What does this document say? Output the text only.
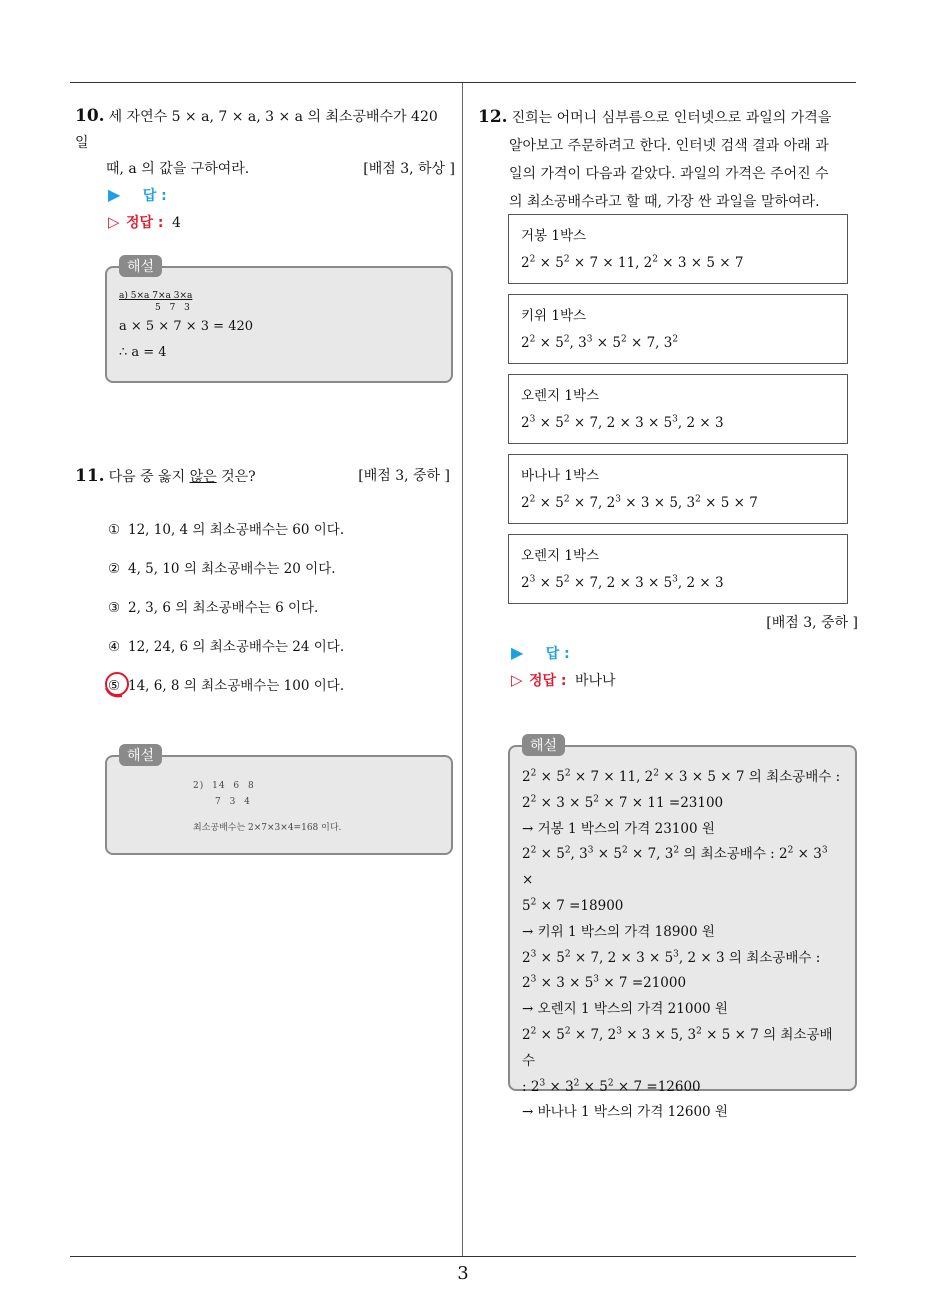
3
10. 세 자연수 5 × a, 7 × a, 3 × a 의 최소공배수가 420 일
때, a 의 값을 구하여라.	[배점 3, 하상 ]
▶ 답 :
▷ 정답 : 4
해설
a) 5×a 7×a 3×a
5 7 3
a × 5 × 7 × 3 = 420
∴ a = 4
11. 다음 중 옳지 않은 것은?	[배점 3, 중하 ]
① 12, 10, 4 의 최소공배수는 60 이다.
② 4, 5, 10 의 최소공배수는 20 이다.
③ 2, 3, 6 의 최소공배수는 6 이다.
④ 12, 24, 6 의 최소공배수는 24 이다.
⑤ 14, 6, 8 의 최소공배수는 100 이다.
해설
2) 14 6 8
7 3 4
최소공배수는 2×7×3×4=168 이다.
12. 진희는 어머니 심부름으로 인터넷으로 과일의 가격을
알아보고 주문하려고 한다. 인터넷 검색 결과 아래 과
일의 가격이 다음과 같았다. 과일의 가격은 주어진 수
의 최소공배수라고 할 때, 가장 싼 과일을 말하여라.
거봉 1박스
$2^2 \times 5^2 \times 7 \times 11$, $2^2 \times 3 \times 5 \times 7$
키위 1박스
$2^2 \times 5^2$, $3^3 \times 5^2 \times 7$, $3^2$
오렌지 1박스
$2^3 \times 5^2 \times 7$, $2 \times 3 \times 5^3$, 2 × 3
바나나 1박스
$2^2 \times 5^2 \times 7$, $2^3 \times 3 \times 5$, $3^2 \times 5 \times 7$
오렌지 1박스
$2^3 \times 5^2 \times 7$, $2 \times 3 \times 5^3$, 2 × 3
[배점 3, 중하 ]
▶ 답 :
▷ 정답 : 바나나
해설
$2^2 \times 5^2 \times 7 \times 11$, $2^2 \times 3 \times 5 \times 7$ 의 최소공배수 :
$2^2 \times 3 \times 5^2 \times 7 \times 11 =23100$
→ 거봉 1 박스의 가격 23100 원
$2^2 \times 5^2$, $3^3 \times 5^2 \times 7$, $3^2$ 의 최소공배수 : $2^2 \times 3^3$ ×
$5^2 \times 7 =18900$
→ 키위 1 박스의 가격 18900 원
$2^3 \times 5^2 \times 7$, $2 \times 3 \times 5^3$, 2 × 3 의 최소공배수 :
$2^3 \times 3 \times 5^3 \times 7 =21000$
→ 오렌지 1 박스의 가격 21000 원
$2^2 \times 5^2 \times 7$, $2^3 \times 3 \times 5$, $3^2 \times 5 \times 7$ 의 최소공배수
: $2^3 \times 3^2 \times 5^2 \times 7 =12600$
→ 바나나 1 박스의 가격 12600 원
